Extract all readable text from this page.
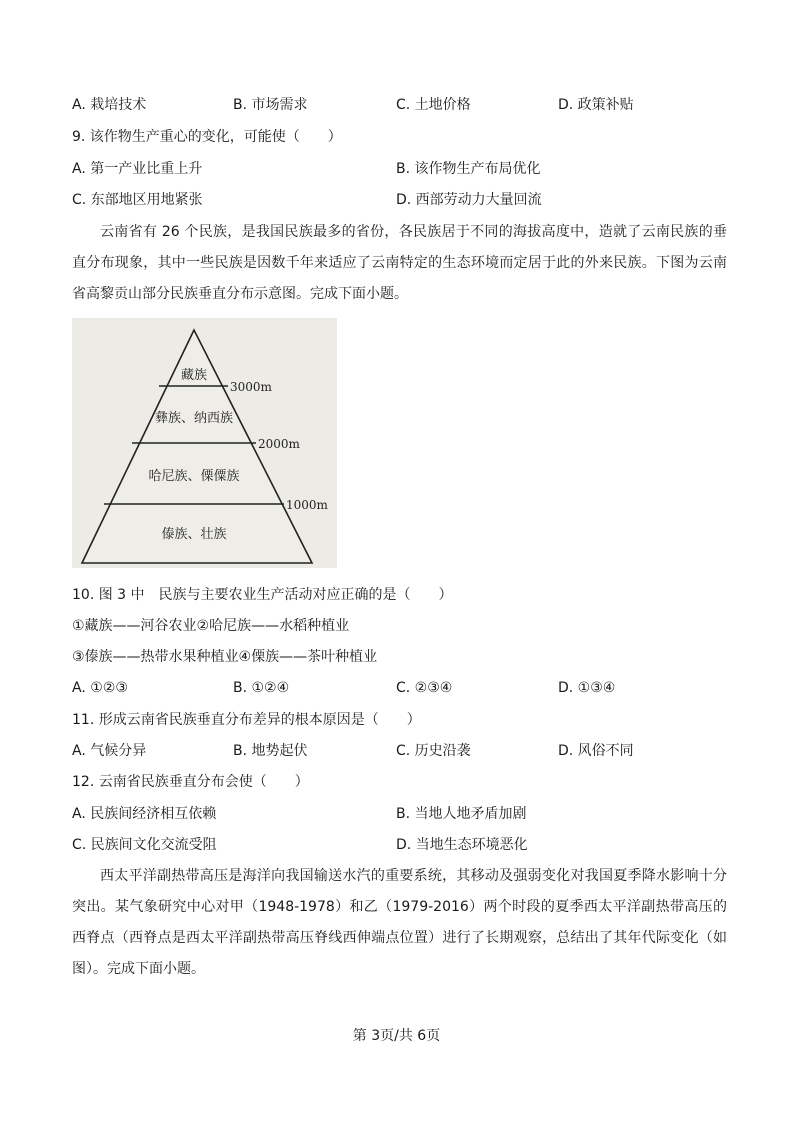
A. 栽培技术	B. 市场需求	C. 土地价格	D. 政策补贴
9. 该作物生产重心的变化，可能使（　　）
A. 第一产业比重上升	B. 该作物生产布局优化
C. 东部地区用地紧张	D. 西部劳动力大量回流
云南省有 26 个民族，是我国民族最多的省份，各民族居于不同的海拔高度中，造就了云南民族的垂直分布现象，其中一些民族是因数千年来适应了云南特定的生态环境而定居于此的外来民族。下图为云南省高黎贡山部分民族垂直分布示意图。完成下面小题。
藏族
彝族、纳西族
哈尼族、傈僳族
傣族、壮族
3000m
2000m
1000m
10. 图 3 中　民族与主要农业生产活动对应正确的是（　　）
①藏族——河谷农业②哈尼族——水稻种植业
③傣族——热带水果种植业④傈族——茶叶种植业
A. ①②③	B. ①②④	C. ②③④	D. ①③④
11. 形成云南省民族垂直分布差异的根本原因是（　　）
A. 气候分异	B. 地势起伏	C. 历史沿袭	D. 风俗不同
12. 云南省民族垂直分布会使（　　）
A. 民族间经济相互依赖	B. 当地人地矛盾加剧
C. 民族间文化交流受阻	D. 当地生态环境恶化
西太平洋副热带高压是海洋向我国输送水汽的重要系统，其移动及强弱变化对我国夏季降水影响十分突出。某气象研究中心对甲（1948-1978）和乙（1979-2016）两个时段的夏季西太平洋副热带高压的西脊点（西脊点是西太平洋副热带高压脊线西伸端点位置）进行了长期观察，总结出了其年代际变化（如图）。完成下面小题。
第 3页/共 6页
